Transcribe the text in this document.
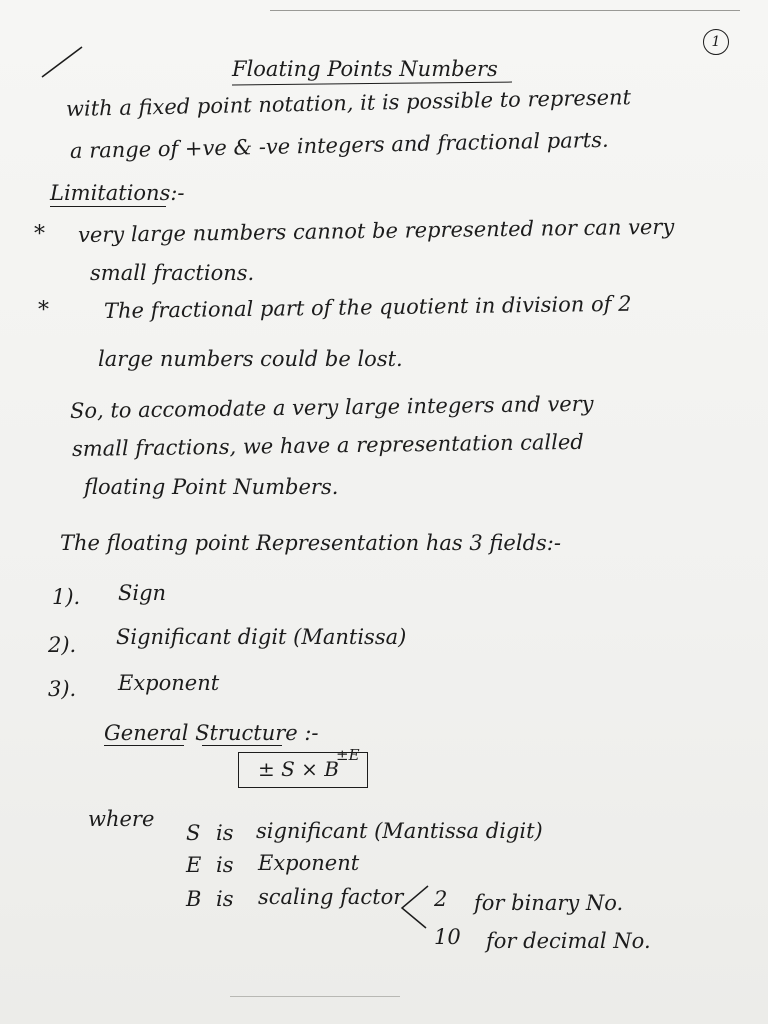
1
Floating Points Numbers
with a fixed point notation, it is possible to represent
a range of +ve & -ve integers and fractional parts.
Limitations:-
* very large numbers cannot be represented nor can very
small fractions.
*	The fractional part of the quotient in division of 2
large numbers could be lost.
So, to accomodate a very large integers and very
small fractions, we have a representation called
floating Point Numbers.
The floating point Representation has 3 fields:-
1). Sign
2). Significant digit (Mantissa)
3). Exponent
General Structure :-
± S × B
±E
where
S is significant (Mantissa digit)
E is Exponent
B is scaling factor 2 for binary No.
10 for decimal No.
